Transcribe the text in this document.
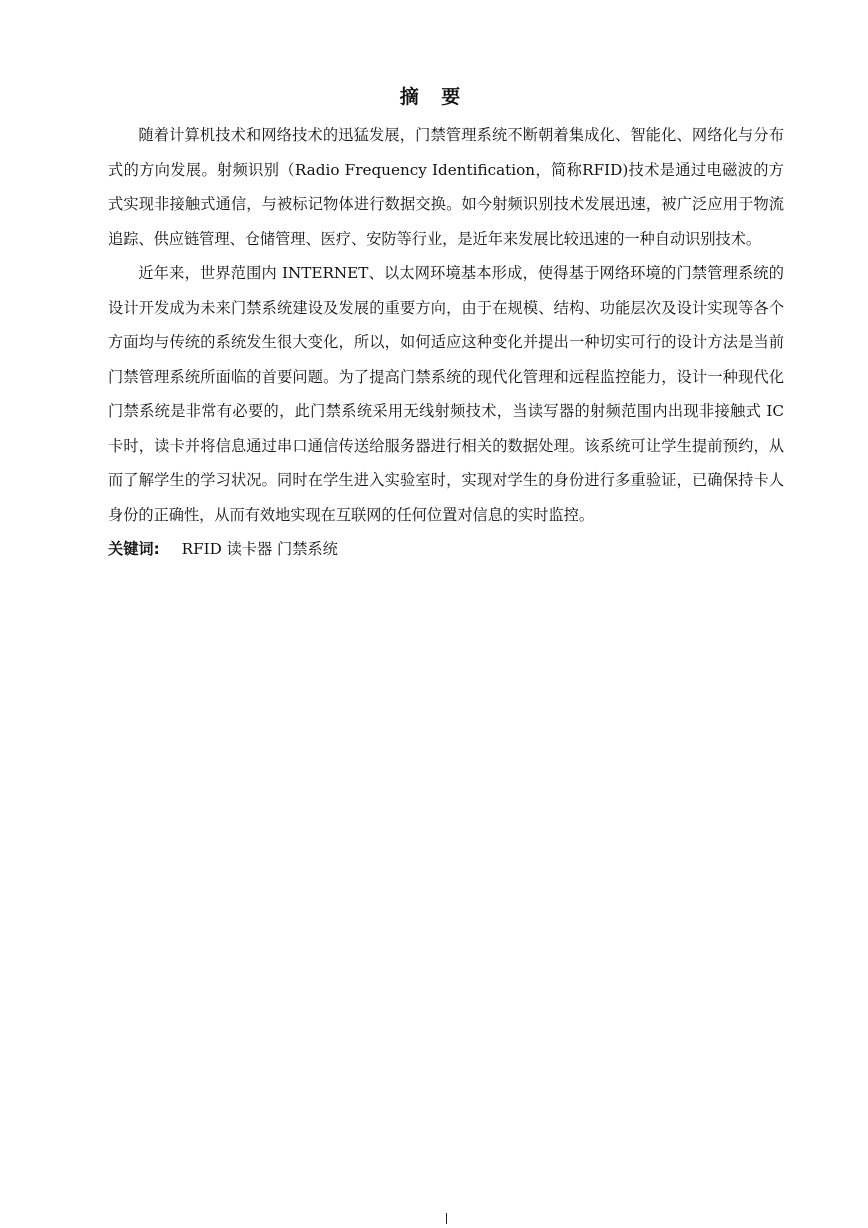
摘 要

随着计算机技术和网络技术的迅猛发展，门禁管理系统不断朝着集成化、智能化、网络化与分布式的方向发展。射频识别（Radio Frequency Identification，简称RFID)技术是通过电磁波的方式实现非接触式通信，与被标记物体进行数据交换。如今射频识别技术发展迅速，被广泛应用于物流追踪、供应链管理、仓储管理、医疗、安防等行业，是近年来发展比较迅速的一种自动识别技术。

近年来，世界范围内 INTERNET、以太网环境基本形成，使得基于网络环境的门禁管理系统的设计开发成为未来门禁系统建设及发展的重要方向，由于在规模、结构、功能层次及设计实现等各个方面均与传统的系统发生很大变化，所以，如何适应这种变化并提出一种切实可行的设计方法是当前门禁管理系统所面临的首要问题。为了提高门禁系统的现代化管理和远程监控能力，设计一种现代化门禁系统是非常有必要的，此门禁系统采用无线射频技术，当读写器的射频范围内出现非接触式 IC 卡时，读卡并将信息通过串口通信传送给服务器进行相关的数据处理。该系统可让学生提前预约，从而了解学生的学习状况。同时在学生进入实验室时，实现对学生的身份进行多重验证，已确保持卡人身份的正确性，从而有效地实现在互联网的任何位置对信息的实时监控。

关键词: RFID 读卡器 门禁系统
